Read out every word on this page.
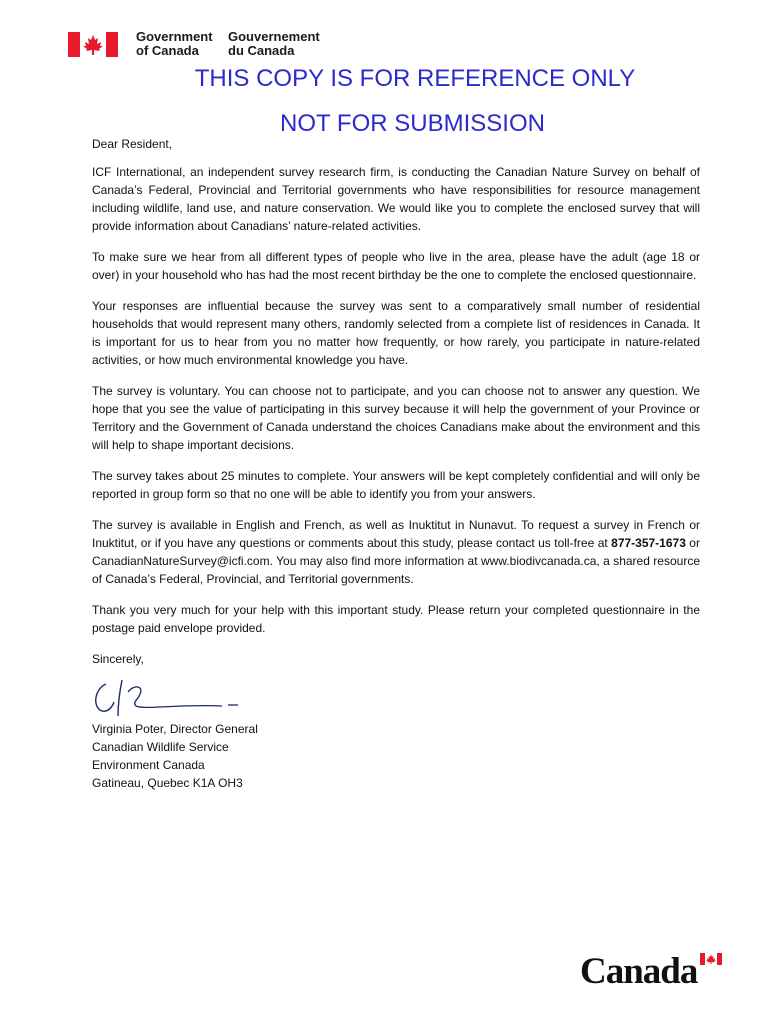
Government
of Canada
Gouvernement
du Canada
THIS COPY IS FOR REFERENCE ONLY
NOT FOR SUBMISSION
Dear Resident,

ICF International, an independent survey research firm, is conducting the Canadian Nature Survey on behalf of Canada’s Federal, Provincial and Territorial governments who have responsibilities for resource management including wildlife, land use, and nature conservation. We would like you to complete the enclosed survey that will provide information about Canadians’ nature-related activities.

To make sure we hear from all different types of people who live in the area, please have the adult (age 18 or over) in your household who has had the most recent birthday be the one to complete the enclosed questionnaire.

Your responses are influential because the survey was sent to a comparatively small number of residential households that would represent many others, randomly selected from a complete list of residences in Canada. It is important for us to hear from you no matter how frequently, or how rarely, you participate in nature-related activities, or how much environmental knowledge you have.

The survey is voluntary. You can choose not to participate, and you can choose not to answer any question. We hope that you see the value of participating in this survey because it will help the government of your Province or Territory and the Government of Canada understand the choices Canadians make about the environment and this will help to shape important decisions.

The survey takes about 25 minutes to complete. Your answers will be kept completely confidential and will only be reported in group form so that no one will be able to identify you from your answers.

The survey is available in English and French, as well as Inuktitut in Nunavut. To request a survey in French or Inuktitut, or if you have any questions or comments about this study, please contact us toll-free at 877-357-1673 or CanadianNatureSurvey@icfi.com. You may also find more information at www.biodivcanada.ca, a shared resource of Canada’s Federal, Provincial, and Territorial governments.

Thank you very much for your help with this important study. Please return your completed questionnaire in the postage paid envelope provided.

Sincerely,

Virginia Poter, Director General
Canadian Wildlife Service
Environment Canada
Gatineau, Quebec K1A OH3
Canada
